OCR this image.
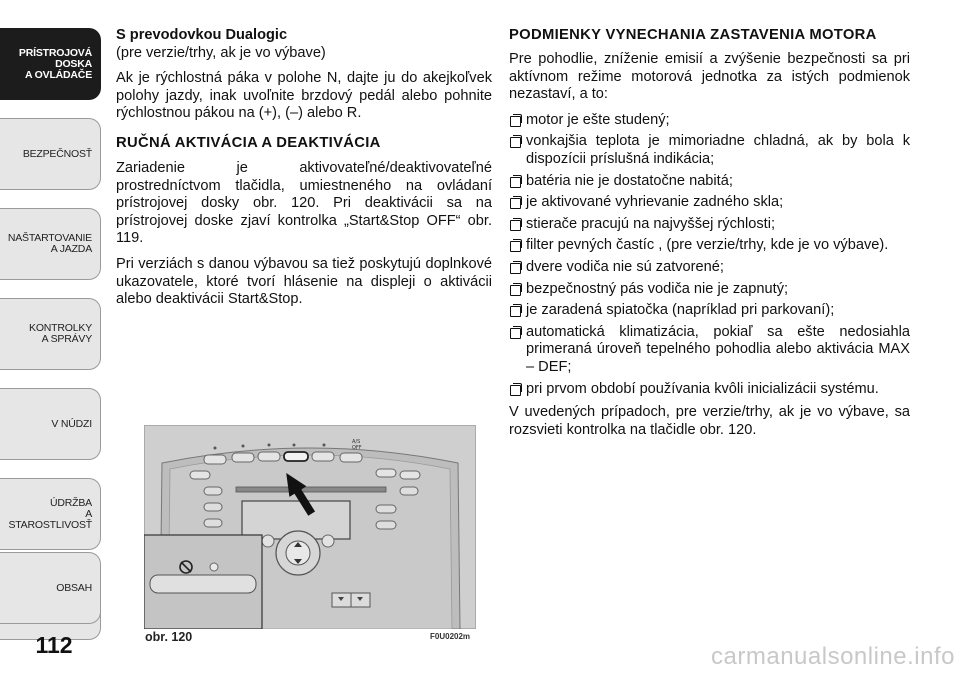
PRÍSTROJOVÁ
DOSKA
A OVLÁDAČE
BEZPEČNOSŤ
NAŠTARTOVANIE
A JAZDA
KONTROLKY
A SPRÁVY
V NÚDZI
ÚDRŽBA
A STAROSTLIVOSŤ
OBSAH
112
S prevodovkou Dualogic
(pre verzie/trhy, ak je vo výbave)

Ak je rýchlostná páka v polohe N, dajte ju do akejkoľvek polohy jazdy, inak uvoľnite brzdový pedál alebo pohnite rýchlostnou pákou na (+), (–) alebo R.

RUČNÁ AKTIVÁCIA A DEAKTIVÁCIA

Zariadenie je aktivovateľné/deaktivovateľné prostredníctvom tlačidla, umiestneného na ovládaní prístrojovej dosky obr. 120. Pri deaktivácii sa na prístrojovej doske zjaví kontrolka „Start&Stop OFF“ obr. 119.

Pri verziách s danou výbavou sa tiež poskytujú doplnkové ukazovatele, ktoré tvorí hlásenie na displeji o aktivácii alebo deaktivácii Start&Stop.

PODMIENKY VYNECHANIA ZASTAVENIA MOTORA

Pre pohodlie, zníženie emisií a zvýšenie bezpečnosti sa pri aktívnom režime motorová jednotka za istých podmienok nezastaví, a to:

motor je ešte studený;
vonkajšia teplota je mimoriadne chladná, ak by bola k dispozícii príslušná indikácia;
batéria nie je dostatočne nabitá;
je aktivované vyhrievanie zadného skla;
stierače pracujú na najvyššej rýchlosti;
filter pevných častíc , (pre verzie/trhy, kde je vo výbave).
dvere vodiča nie sú zatvorené;
bezpečnostný pás vodiča nie je zapnutý;
je zaradená spiatočka (napríklad pri parkovaní);
automatická klimatizácia, pokiaľ sa ešte nedosiahla primeraná úroveň tepelného pohodlia alebo aktivácia MAX – DEF;
pri prvom období používania kvôli inicializácii systému.

V uvedených prípadoch, pre verzie/trhy, ak je vo výbave, sa rozsvieti kontrolka na tlačidle obr. 120.

A/S
OFF
obr. 120	F0U0202m
carmanualsonline.info
